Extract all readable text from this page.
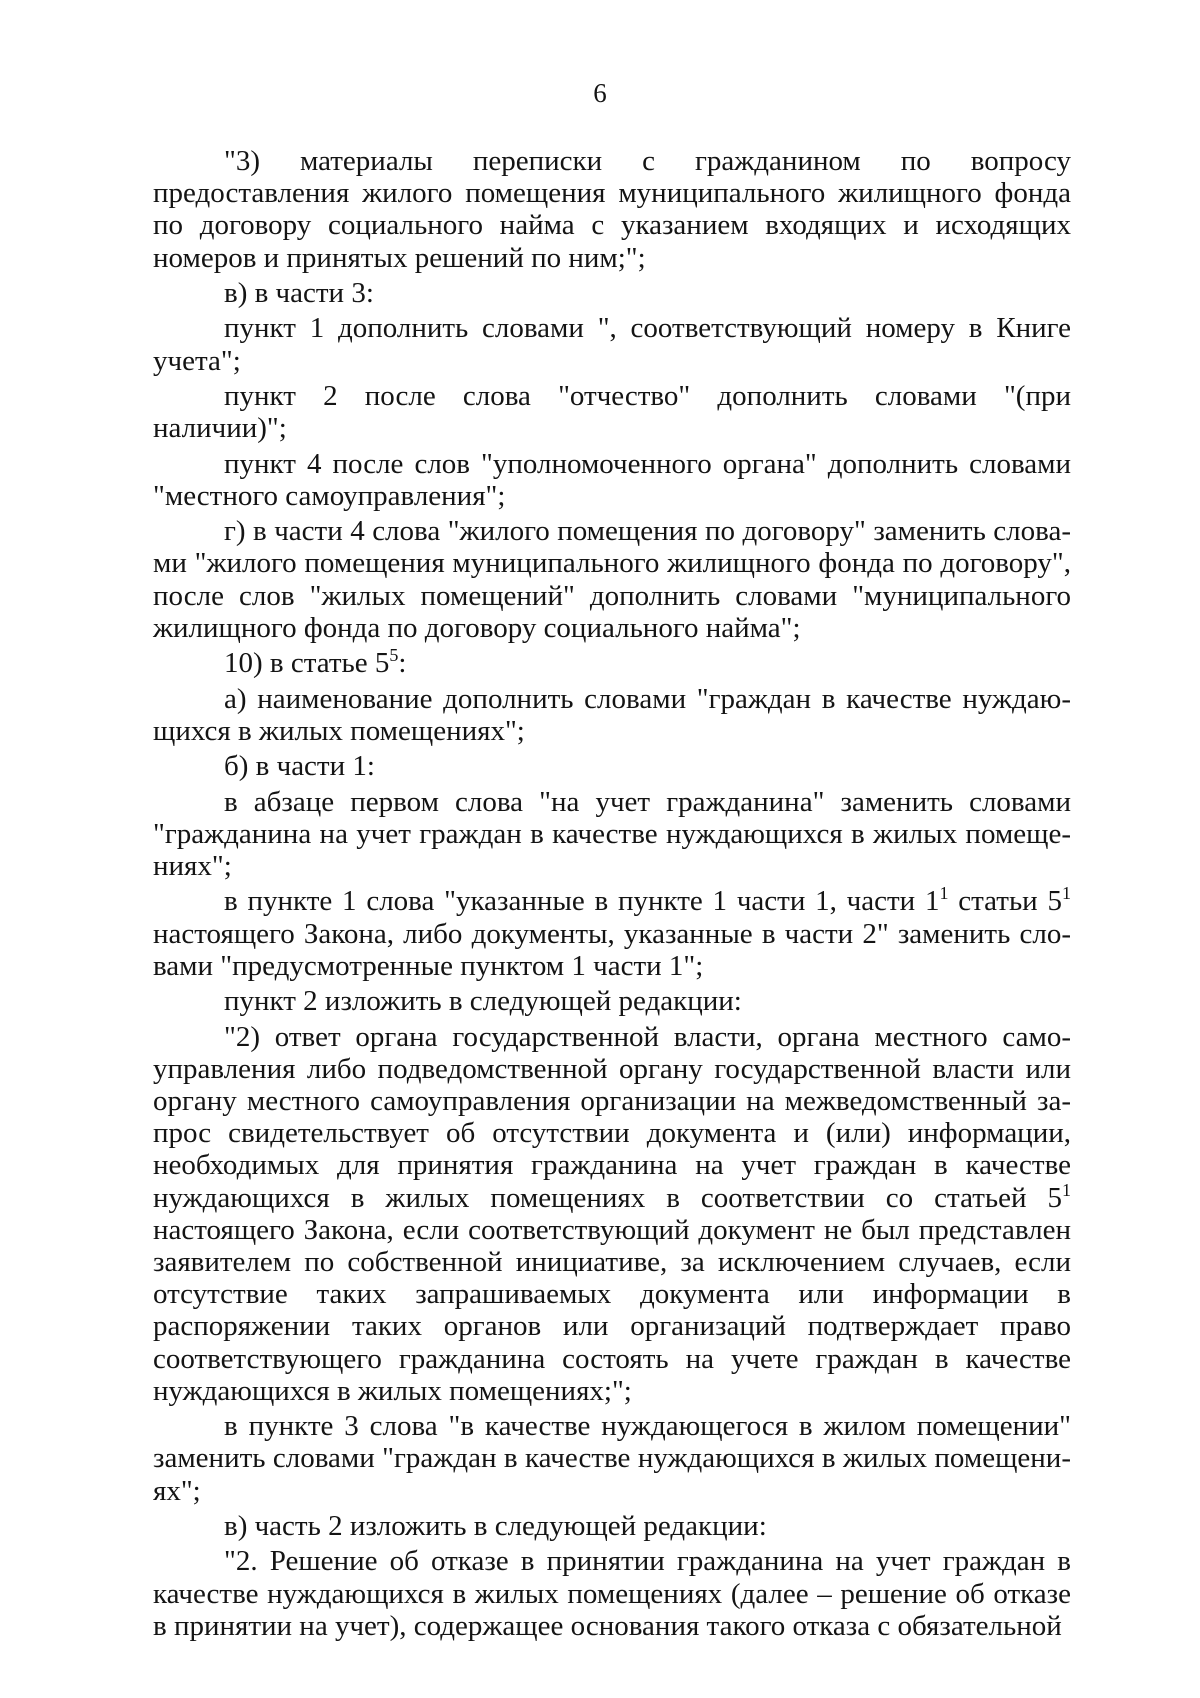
6

"3) материалы переписки с гражданином по вопросу предоставления жилого помещения муниципального жилищного фонда по договору социального найма с указанием входящих и исходящих номеров и принятых решений по ним;";

в) в части 3:

пункт 1 дополнить словами ", соответствующий номеру в Книге учета";

пункт 2 после слова "отчество" дополнить словами "(при наличии)";

пункт 4 после слов "уполномоченного органа" дополнить словами "местного самоуправления";

г) в части 4 слова "жилого помещения по договору" заменить словами "жилого помещения муниципального жилищного фонда по договору", после слов "жилых помещений" дополнить словами "муниципального жилищного фонда по договору социального найма";

10) в статье $5^5$:

а) наименование дополнить словами "граждан в качестве нуждающихся в жилых помещениях";

б) в части 1:

в абзаце первом слова "на учет гражданина" заменить словами "гражданина на учет граждан в качестве нуждающихся в жилых помещениях";

в пункте 1 слова "указанные в пункте 1 части 1, части $1^1$ статьи $5^1$ настоящего Закона, либо документы, указанные в части 2" заменить словами "предусмотренные пунктом 1 части 1";

пункт 2 изложить в следующей редакции:

"2) ответ органа государственной власти, органа местного самоуправления либо подведомственной органу государственной власти или органу местного самоуправления организации на межведомственный запрос свидетельствует об отсутствии документа и (или) информации, необходимых для принятия гражданина на учет граждан в качестве нуждающихся в жилых помещениях в соответствии со статьей $5^1$ настоящего Закона, если соответствующий документ не был представлен заявителем по собственной инициативе, за исключением случаев, если отсутствие таких запрашиваемых документа или информации в распоряжении таких органов или организаций подтверждает право соответствующего гражданина состоять на учете граждан в качестве нуждающихся в жилых помещениях;";

в пункте 3 слова "в качестве нуждающегося в жилом помещении" заменить словами "граждан в качестве нуждающихся в жилых помещениях";

в) часть 2 изложить в следующей редакции:

"2. Решение об отказе в принятии гражданина на учет граждан в качестве нуждающихся в жилых помещениях (далее – решение об отказе в принятии на учет), содержащее основания такого отказа с обязательной
